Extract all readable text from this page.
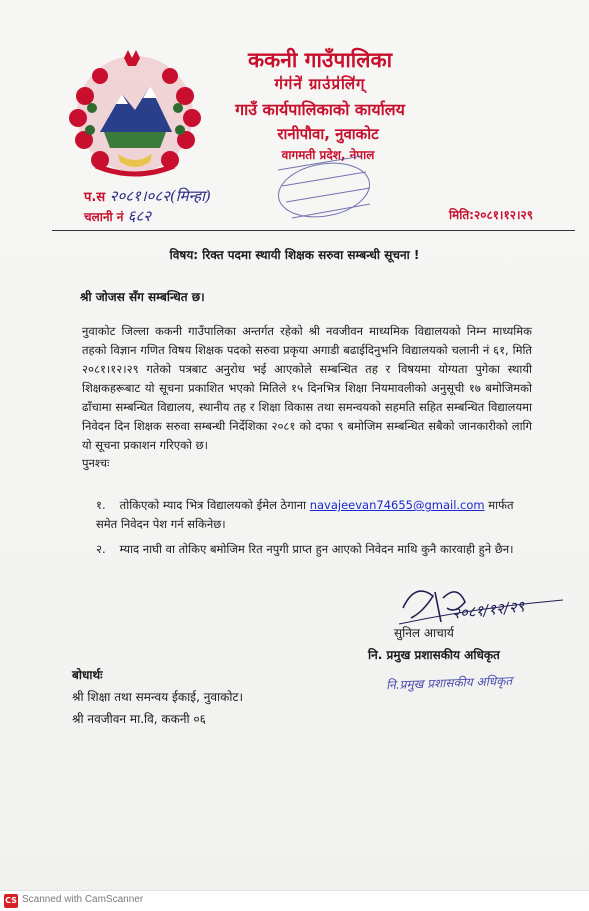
ककनी गाउँपालिका
ग॑ग॑ने॑ ग्राउ॑प्र॑लि॑ग्
गाउँ कार्यपालिकाको कार्यालय
रानीपौवा, नुवाकोट
वागमती प्रदेश, नेपाल
प.स २०८१।०८२(मिन्हा)
चलानी नं ६८२	मिति:२०८१।१२।२९
विषय: रिक्त पदमा स्थायी शिक्षक सरुवा सम्बन्धी सूचना !
श्री जोजस सँग सम्बन्धित छ।
नुवाकोट जिल्ला ककनी गाउँपालिका अन्तर्गत रहेको श्री नवजीवन माध्यमिक विद्यालयको निम्न माध्यमिक तहको विज्ञान गणित विषय शिक्षक पदको सरुवा प्रकृया अगाडी बढाईदिनुभनि विद्यालयको चलानी नं ६१, मिति २०८१।१२।२९ गतेको पत्रबाट अनुरोध भई आएकोले सम्बन्धित तह र विषयमा योग्यता पुगेका स्थायी शिक्षकहरूबाट यो सूचना प्रकाशित भएको मितिले १५ दिनभित्र शिक्षा नियमावलीको अनुसूची १७ बमोजिमको ढाँचामा सम्बन्धित विद्यालय, स्थानीय तह र शिक्षा विकास तथा समन्वयको सहमति सहित सम्बन्धित विद्यालयमा निवेदन दिन शिक्षक सरुवा सम्बन्धी निर्देशिका २०८१ को दफा ९ बमोजिम सम्बन्धित सबैको जानकारीको लागि यो सूचना प्रकाशन गरिएको छ।
पुनश्चः
१. तोकिएको म्याद भित्र विद्यालयको ईमेल ठेगाना navajeevan74655@gmail.com मार्फत समेत निवेदन पेश गर्न सकिनेछ।
२. म्याद नाघी वा तोकिए बमोजिम रित नपुगी प्राप्त हुन आएको निवेदन माथि कुनै कारवाही हुने छैन।
२०८१/१२/२९
सुनिल आचार्य
नि. प्रमुख प्रशासकीय अधिकृत
नि.प्रमुख प्रशासकीय अधिकृत
बोधार्थः
श्री शिक्षा तथा समन्वय ईकाई, नुवाकोट।
श्री नवजीवन मा.वि, ककनी ०६
CS Scanned with CamScanner
